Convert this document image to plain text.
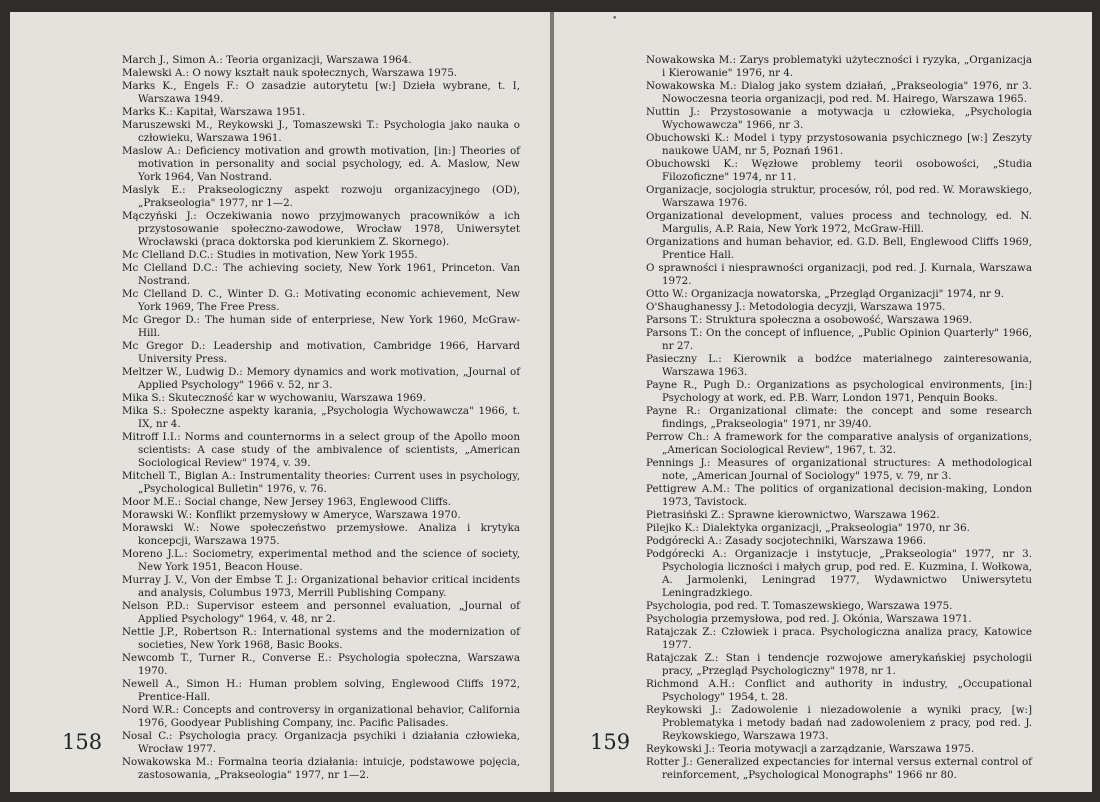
March J., Simon A.: Teoria organizacji, Warszawa 1964.

Malewski A.: O nowy kształt nauk społecznych, Warszawa 1975.

Marks K., Engels F.: O zasadzie autorytetu [w:] Dzieła wybrane, t. I, Warszawa 1949.

Marks K.: Kapitał, Warszawa 1951.

Maruszewski M., Reykowski J., Tomaszewski T.: Psychologia jako nauka o człowieku, Warszawa 1961.

Maslow A.: Deficiency motivation and growth motivation, [in:] Theories of motivation in personality and social psychology, ed. A. Maslow, New York 1964, Van Nostrand.

Maslyk E.: Prakseologiczny aspekt rozwoju organizacyjnego (OD), „Prakseologia" 1977, nr 1—2.

Mączyński J.: Oczekiwania nowo przyjmowanych pracowników a ich przystosowanie społeczno-zawodowe, Wrocław 1978, Uniwersytet Wrocławski (praca doktorska pod kierunkiem Z. Skornego).

Mc Clelland D.C.: Studies in motivation, New York 1955.

Mc Clelland D.C.: The achieving society, New York 1961, Princeton. Van Nostrand.

Mc Clelland D. C., Winter D. G.: Motivating economic achievement, New York 1969, The Free Press.

Mc Gregor D.: The human side of enterpriese, New York 1960, McGraw-Hill.

Mc Gregor D.: Leadership and motivation, Cambridge 1966, Harvard University Press.

Meltzer W., Ludwig D.: Memory dynamics and work motivation, „Journal of Applied Psychology" 1966 v. 52, nr 3.

Mika S.: Skuteczność kar w wychowaniu, Warszawa 1969.

Mika S.: Społeczne aspekty karania, „Psychologia Wychowawcza" 1966, t. IX, nr 4.

Mitroff I.I.: Norms and counternorms in a select group of the Apollo moon scientists: A case study of the ambivalence of scientists, „American Sociological Review" 1974, v. 39.

Mitchell T., Biglan A.: Instrumentality theories: Current uses in psychology, „Psychological Bulletin" 1976, v. 76.

Moor M.E.: Social change, New Jersey 1963, Englewood Cliffs.

Morawski W.: Konflikt przemysłowy w Ameryce, Warszawa 1970.

Morawski W.: Nowe społeczeństwo przemysłowe. Analiza i krytyka koncepcji, Warszawa 1975.

Moreno J.L.: Sociometry, experimental method and the science of society, New York 1951, Beacon House.

Murray J. V., Von der Embse T. J.: Organizational behavior critical incidents and analysis, Columbus 1973, Merrill Publishing Company.

Nelson P.D.: Supervisor esteem and personnel evaluation, „Journal of Applied Psychology" 1964, v. 48, nr 2.

Nettle J.P., Robertson R.: International systems and the modernization of societies, New York 1968, Basic Books.

Newcomb T., Turner R., Converse E.: Psychologia społeczna, Warszawa 1970.

Newell A., Simon H.: Human problem solving, Englewood Cliffs 1972, Prentice-Hall.

Nord W.R.: Concepts and controversy in organizational behavior, California 1976, Goodyear Publishing Company, inc. Pacific Palisades.

Nosal C.: Psychologia pracy. Organizacja psychiki i działania człowieka, Wrocław 1977.

Nowakowska M.: Formalna teoria działania: intuicje, podstawowe pojęcia, zastosowania, „Prakseologia" 1977, nr 1—2.

158
•

Nowakowska M.: Zarys problematyki użyteczności i ryzyka, „Organizacja i Kierowanie" 1976, nr 4.

Nowakowska M.: Dialog jako system działań, „Prakseologia" 1976, nr 3. Nowoczesna teoria organizacji, pod red. M. Hairego, Warszawa 1965.

Nuttin J.: Przystosowanie a motywacja u człowieka, „Psychologia Wychowawcza" 1966, nr 3.

Obuchowski K.: Model i typy przystosowania psychicznego [w:] Zeszyty naukowe UAM, nr 5, Poznań 1961.

Obuchowski K.: Węzłowe problemy teorii osobowości, „Studia Filozoficzne" 1974, nr 11.

Organizacje, socjologia struktur, procesów, ról, pod red. W. Morawskiego, Warszawa 1976.

Organizational development, values process and technology, ed. N. Margulis, A.P. Raia, New York 1972, McGraw-Hill.

Organizations and human behavior, ed. G.D. Bell, Englewood Cliffs 1969, Prentice Hall.

O sprawności i niesprawności organizacji, pod red. J. Kurnala, Warszawa 1972.

Otto W.: Organizacja nowatorska, „Przegląd Organizacji" 1974, nr 9.

O'Shaughanessy J.: Metodologia decyzji, Warszawa 1975.

Parsons T.: Struktura społeczna a osobowość, Warszawa 1969.

Parsons T.: On the concept of influence, „Public Opinion Quarterly" 1966, nr 27.

Pasieczny L.: Kierownik a bodźce materialnego zainteresowania, Warszawa 1963.

Payne R., Pugh D.: Organizations as psychological environments, [in:] Psychology at work, ed. P.B. Warr, London 1971, Penquin Books.

Payne R.: Organizational climate: the concept and some research findings, „Prakseologia" 1971, nr 39/40.

Perrow Ch.: A framework for the comparative analysis of organizations, „American Sociological Review", 1967, t. 32.

Pennings J.: Measures of organizational structures: A methodological note, „American Journal of Sociology" 1975, v. 79, nr 3.

Pettigrew A.M.: The politics of organizational decision-making, London 1973, Tavistock.

Pietrasiński Z.: Sprawne kierownictwo, Warszawa 1962.

Pilejko K.: Dialektyka organizacji, „Prakseologia" 1970, nr 36.

Podgórecki A.: Zasady socjotechniki, Warszawa 1966.

Podgórecki A.: Organizacje i instytucje, „Prakseologia" 1977, nr 3. Psychologia liczności i małych grup, pod red. E. Kuzmina, I. Wołkowa, A. Jarmolenki, Leningrad 1977, Wydawnictwo Uniwersytetu Leningradzkiego.

Psychologia, pod red. T. Tomaszewskiego, Warszawa 1975.

Psychologia przemysłowa, pod red. J. Okónia, Warszawa 1971.

Ratajczak Z.: Człowiek i praca. Psychologiczna analiza pracy, Katowice 1977.

Ratajczak Z.: Stan i tendencje rozwojowe amerykańskiej psychologii pracy, „Przegląd Psychologiczny" 1978, nr 1.

Richmond A.H.: Conflict and authority in industry, „Occupational Psychology" 1954, t. 28.

Reykowski J.: Zadowolenie i niezadowolenie a wyniki pracy, [w:] Problematyka i metody badań nad zadowoleniem z pracy, pod red. J. Reykowskiego, Warszawa 1973.

Reykowski J.: Teoria motywacji a zarządzanie, Warszawa 1975.

Rotter J.: Generalized expectancies for internal versus external control of reinforcement, „Psychological Monographs" 1966 nr 80.

159
